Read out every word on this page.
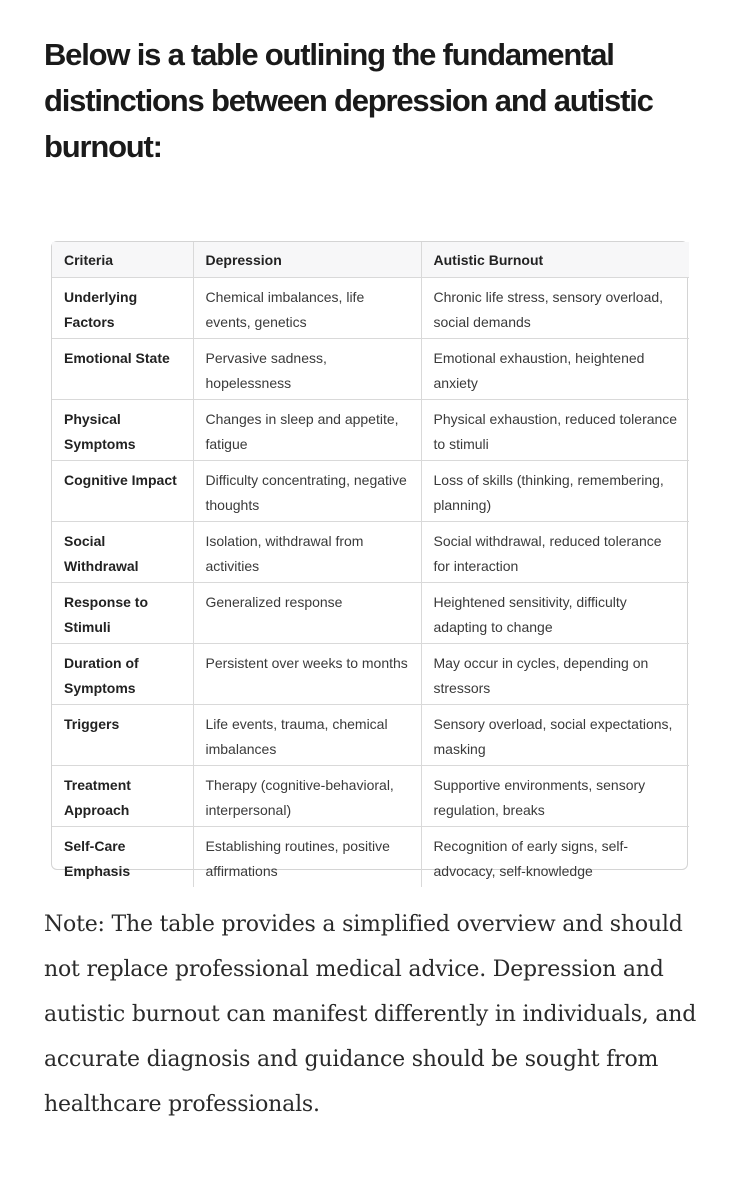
Below is a table outlining the fundamental distinctions between depression and autistic burnout:
Criteria	Depression	Autistic Burnout
Underlying Factors	Chemical imbalances, life events, genetics	Chronic life stress, sensory overload, social demands
Emotional State	Pervasive sadness, hopelessness	Emotional exhaustion, heightened anxiety
Physical Symptoms	Changes in sleep and appetite, fatigue	Physical exhaustion, reduced tolerance to stimuli
Cognitive Impact	Difficulty concentrating, negative thoughts	Loss of skills (thinking, remembering, planning)
Social Withdrawal	Isolation, withdrawal from activities	Social withdrawal, reduced tolerance for interaction
Response to Stimuli	Generalized response	Heightened sensitivity, difficulty adapting to change
Duration of Symptoms	Persistent over weeks to months	May occur in cycles, depending on stressors
Triggers	Life events, trauma, chemical imbalances	Sensory overload, social expectations, masking
Treatment Approach	Therapy (cognitive-behavioral, interpersonal)	Supportive environments, sensory regulation, breaks
Self-Care Emphasis	Establishing routines, positive affirmations	Recognition of early signs, self-advocacy, self-knowledge

Note: The table provides a simplified overview and should not replace professional medical advice. Depression and autistic burnout can manifest differently in individuals, and accurate diagnosis and guidance should be sought from healthcare professionals.
